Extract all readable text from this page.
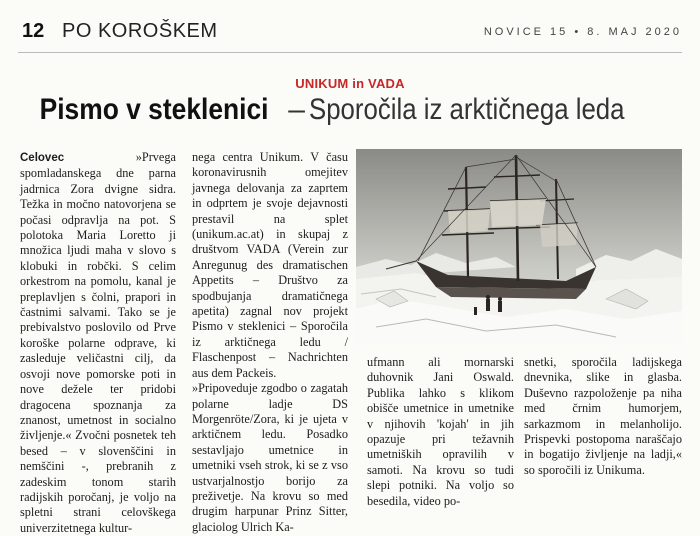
12 PO KOROŠKEM	NOVICE 15 • 8. MAJ 2020
UNIKUM in VADA
Pismo v steklenici – Sporočila iz arktičnega leda

Celovec	»Prvega spomladanskega dne parna jadrnica Zora dvigne sidra. Težka in močno natovorjena se počasi odpravlja na pot. S polotoka Maria Loretto ji množica ljudi maha v slovo s klobuki in robčki. S celim orkestrom na pomolu, kanal je preplavljen s čolni, prapori in častnimi salvami. Tako se je prebivalstvo poslovilo od Prve koroške polarne odprave, ki zasleduje veličastni cilj, da osvoji nove pomorske poti in nove dežele ter pridobi dragocena spoznanja za znanost, umetnost in socialno življenje.« Zvočni posnetek teh besed – v slovenščini in nemščini -, prebranih z zadeskim tonom starih radijskih poročanj, je voljo na spletni strani celovškega univerzitetnega kultur-

nega centra Unikum. V času koronavirusnih omejitev javnega delovanja za zaprtem in odprtem je svoje dejavnosti prestavil na splet (unikum.ac.at) in skupaj z društvom VADA (Verein zur Anregunug des dramatischen Appetits – Društvo za spodbujanja dramatičnega apetita) zagnal nov projekt Pismo v steklenici – Sporočila iz arktičnega ledu / Flaschenpost – Nachrichten aus dem Packeis.

»Pripoveduje zgodbo o zagatah polarne ladje DS Morgenröte/Zora, ki je ujeta v arktičnem ledu. Posadko sestavljajo umetnice in umetniki vseh strok, ki se z vso ustvarjalnostjo borijo za preživetje. Na krovu so med drugim harpunar Prinz Sitter, glaciolog Ulrich Ka-

ufmann ali mornarski duhovnik Jani Oswald. Publika lahko s klikom obišče umetnice in umetnike v njihovih 'kojah' in jih opazuje pri težavnih umetniških opravilih v samoti. Na krovu so tudi slepi potniki. Na voljo so besedila, video po-

snetki, sporočila ladijskega dnevnika, slike in glasba. Duševno razpoloženje pa niha med črnim humorjem, sarkazmom in melanholijo. Prispevki postopoma naraščajo in bogatijo življenje na ladji,« so sporočili iz Unikuma.
